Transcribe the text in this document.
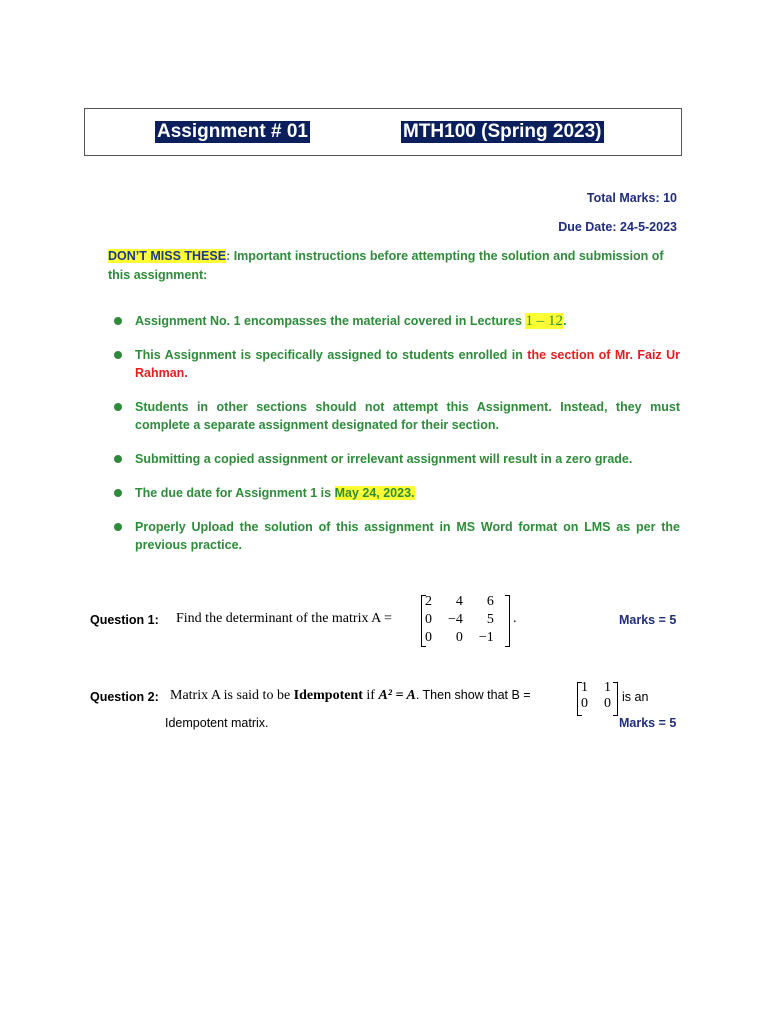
Assignment # 01	MTH100 (Spring 2023)
Total Marks: 10
Due Date: 24-5-2023
DON’T MISS THESE: Important instructions before attempting the solution and submission of this assignment:
Assignment No. 1 encompasses the material covered in Lectures 1 – 12.
This Assignment is specifically assigned to students enrolled in the section of Mr. Faiz Ur Rahman.
Students in other sections should not attempt this Assignment. Instead, they must complete a separate assignment designated for their section.
Submitting a copied assignment or irrelevant assignment will result in a zero grade.
The due date for Assignment 1 is May 24, 2023.
Properly Upload the solution of this assignment in MS Word format on LMS as per the previous practice.
Question 1: Find the determinant of the matrix A =
2	4	6
0	−4	5
0	0	−1
.	Marks = 5
Question 2: Matrix A is said to be Idempotent if A² = A. Then show that B =	1	1
0	0 is an
Idempotent matrix.	Marks = 5
